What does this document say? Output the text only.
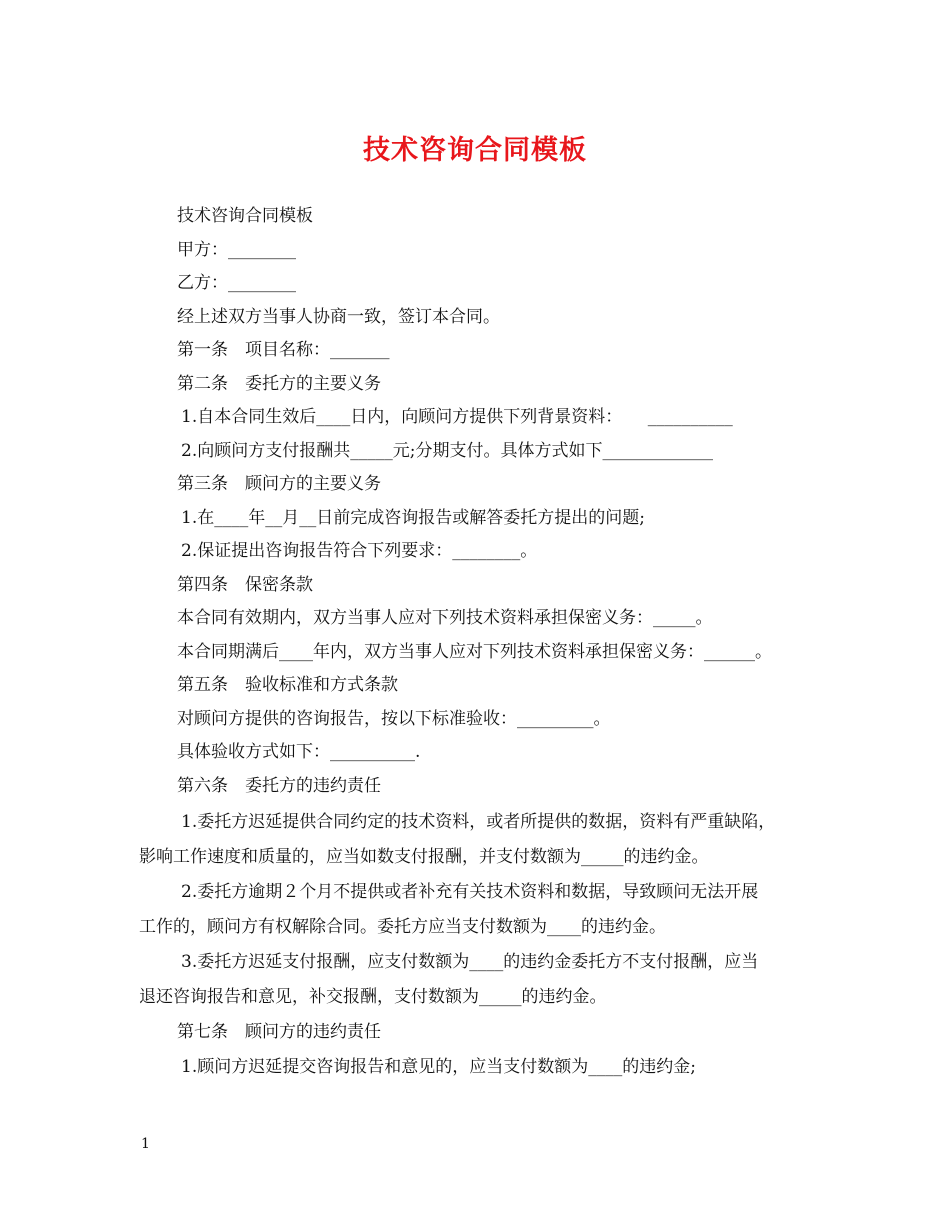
技术咨询合同模板
技术咨询合同模板
甲方：________
乙方：________
经上述双方当事人协商一致，签订本合同。
第一条　项目名称：_______
第二条　委托方的主要义务
1.自本合同生效后____日内，向顾问方提供下列背景资料：　　__________
2.向顾问方支付报酬共_____元;分期支付。具体方式如下_____________
第三条　顾问方的主要义务
1.在____年__月__日前完成咨询报告或解答委托方提出的问题;
2.保证提出咨询报告符合下列要求：________。
第四条　保密条款
本合同有效期内，双方当事人应对下列技术资料承担保密义务：_____。
本合同期满后____年内，双方当事人应对下列技术资料承担保密义务：______。
第五条　验收标准和方式条款
对顾问方提供的咨询报告，按以下标准验收：_________。
具体验收方式如下：__________.
第六条　委托方的违约责任
1.委托方迟延提供合同约定的技术资料，或者所提供的数据，资料有严重缺陷，
影响工作速度和质量的，应当如数支付报酬，并支付数额为_____的违约金。
2.委托方逾期２个月不提供或者补充有关技术资料和数据，导致顾问无法开展
工作的，顾问方有权解除合同。委托方应当支付数额为____的违约金。
3.委托方迟延支付报酬，应支付数额为____的违约金委托方不支付报酬，应当
退还咨询报告和意见，补交报酬，支付数额为_____的违约金。
第七条　顾问方的违约责任
1.顾问方迟延提交咨询报告和意见的，应当支付数额为____的违约金;
1
